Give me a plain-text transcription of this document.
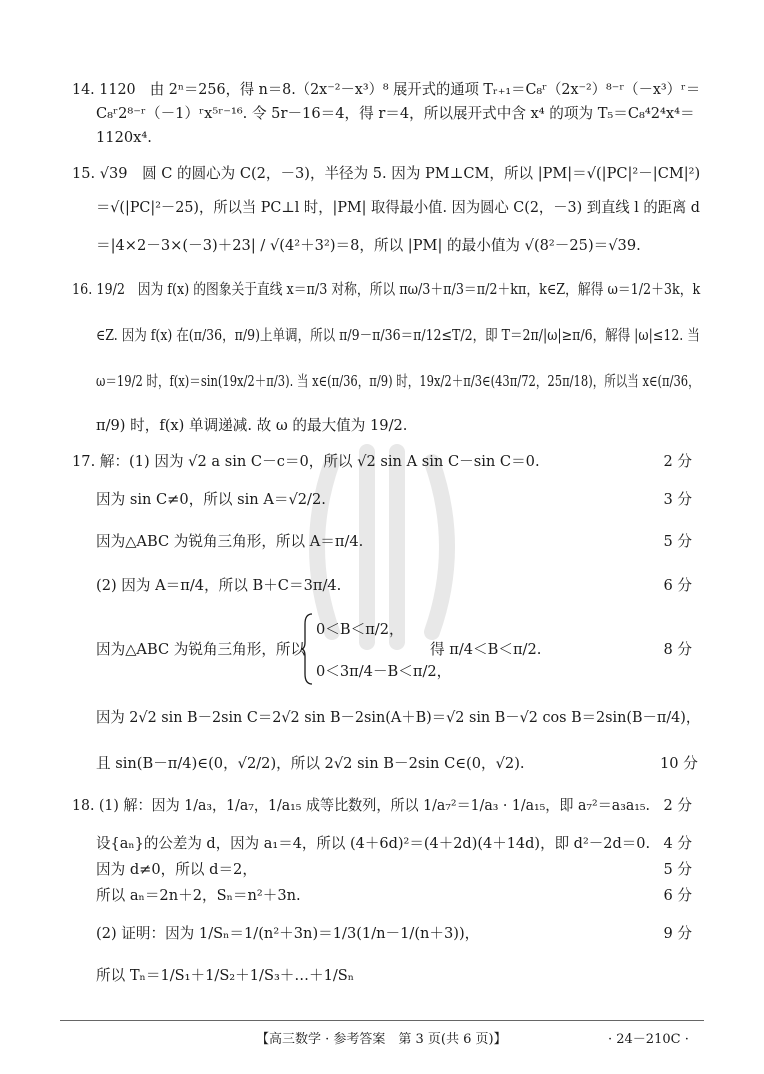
14. 1120　由 2ⁿ＝256，得 n＝8.（2x⁻²－x³）⁸ 展开式的通项 Tᵣ₊₁＝C₈ʳ（2x⁻²）⁸⁻ʳ（－x³）ʳ＝
C₈ʳ2⁸⁻ʳ（－1）ʳx⁵ʳ⁻¹⁶. 令 5r－16＝4，得 r＝4，所以展开式中含 x⁴ 的项为 T₅＝C₈⁴2⁴x⁴＝
1120x⁴.
15. √39　圆 C 的圆心为 C(2，－3)，半径为 5. 因为 PM⊥CM，所以 |PM|＝√(|PC|²－|CM|²)
＝√(|PC|²－25)，所以当 PC⊥l 时，|PM| 取得最小值. 因为圆心 C(2，－3) 到直线 l 的距离 d
＝|4×2－3×(－3)＋23| / √(4²＋3²)＝8，所以 |PM| 的最小值为 √(8²－25)＝√39.
16. 19/2　因为 f(x) 的图象关于直线 x＝π/3 对称，所以 πω/3＋π/3＝π/2＋kπ，k∈Z，解得 ω＝1/2＋3k，k
∈Z. 因为 f(x) 在(π/36，π/9)上单调，所以 π/9－π/36＝π/12≤T/2，即 T＝2π/|ω|≥π/6，解得 |ω|≤12. 当
ω＝19/2 时，f(x)＝sin(19x/2＋π/3). 当 x∈(π/36，π/9) 时，19x/2＋π/3∈(43π/72，25π/18)，所以当 x∈(π/36，
π/9) 时，f(x) 单调递减. 故 ω 的最大值为 19/2.
17. 解：(1) 因为 √2 a sin C－c＝0，所以 √2 sin A sin C－sin C＝0.	2 分
因为 sin C≠0，所以 sin A＝√2/2.	3 分
因为△ABC 为锐角三角形，所以 A＝π/4.	5 分
(2) 因为 A＝π/4，所以 B＋C＝3π/4.	6 分
因为△ABC 为锐角三角形，所以
0＜B＜π/2，
0＜3π/4－B＜π/2，
得 π/4＜B＜π/2.	8 分
因为 2√2 sin B－2sin C＝2√2 sin B－2sin(A＋B)＝√2 sin B－√2 cos B＝2sin(B－π/4)，
且 sin(B－π/4)∈(0，√2/2)，所以 2√2 sin B－2sin C∈(0，√2).	10 分
18. (1) 解：因为 1/a₃，1/a₇，1/a₁₅ 成等比数列，所以 1/a₇²＝1/a₃ · 1/a₁₅，即 a₇²＝a₃a₁₅. 2 分
设{aₙ}的公差为 d，因为 a₁＝4，所以 (4＋6d)²＝(4＋2d)(4＋14d)，即 d²－2d＝0. 4 分
因为 d≠0，所以 d＝2，	5 分
所以 aₙ＝2n＋2，Sₙ＝n²＋3n.	6 分
(2) 证明：因为 1/Sₙ＝1/(n²＋3n)＝1/3(1/n－1/(n＋3))，	9 分
所以 Tₙ＝1/S₁＋1/S₂＋1/S₃＋…＋1/Sₙ
【高三数学 · 参考答案　第 3 页(共 6 页)】	· 24－210C ·
